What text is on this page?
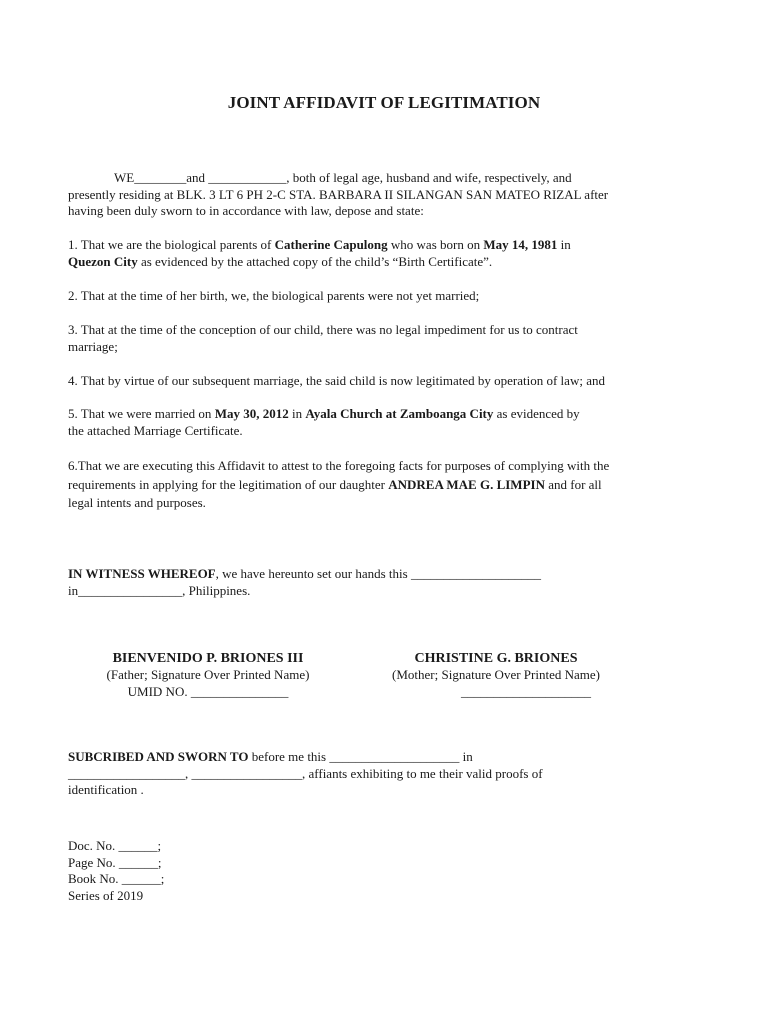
JOINT AFFIDAVIT OF LEGITIMATION
WE________and ____________, both of legal age, husband and wife, respectively, and
presently residing at BLK. 3 LT 6 PH 2-C STA. BARBARA II SILANGAN SAN MATEO RIZAL after
having been duly sworn to in accordance with law, depose and state:
1. That we are the biological parents of Catherine Capulong who was born on May 14, 1981 in
Quezon City as evidenced by the attached copy of the child’s “Birth Certificate”.
2. That at the time of her birth, we, the biological parents were not yet married;
3. That at the time of the conception of our child, there was no legal impediment for us to contract
marriage;
4. That by virtue of our subsequent marriage, the said child is now legitimated by operation of law; and
5. That we were married on May 30, 2012 in Ayala Church at Zamboanga City as evidenced by
the attached Marriage Certificate.
6.That we are executing this Affidavit to attest to the foregoing facts for purposes of complying with the
requirements in applying for the legitimation of our daughter ANDREA MAE G. LIMPIN and for all
legal intents and purposes.
IN WITNESS WHEREOF, we have hereunto set our hands this ____________________
in________________, Philippines.
BIENVENIDO P. BRIONES III
(Father; Signature Over Printed Name)
UMID NO. _______________
CHRISTINE G. BRIONES
(Mother; Signature Over Printed Name)
____________________
SUBCRIBED AND SWORN TO before me this ____________________ in
__________________, _________________, affiants exhibiting to me their valid proofs of
identification .
Doc. No. ______;
Page No. ______;
Book No. ______;
Series of 2019
